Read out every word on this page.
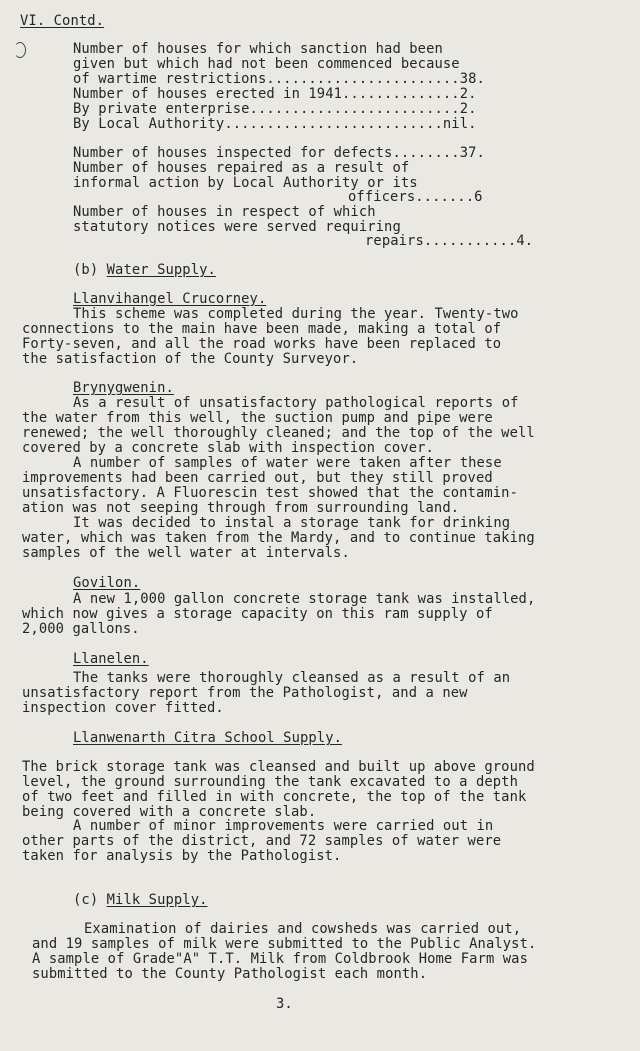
VI. Contd.
Number of houses for which sanction had been
given but which had not been commenced because
of wartime restrictions.......................38.
Number of houses erected in 1941..............2.
By private enterprise.........................2.
By Local Authority..........................nil.
Number of houses inspected for defects........37.
Number of houses repaired as a result of
informal action by Local Authority or its
officers.......6
Number of houses in respect of which
statutory notices were served requiring
repairs...........4.
(b) Water Supply.
Llanvihangel Crucorney.
This scheme was completed during the year. Twenty-two
connections to the main have been made, making a total of
Forty-seven, and all the road works have been replaced to
the satisfaction of the County Surveyor.
Brynygwenin.
As a result of unsatisfactory pathological reports of
the water from this well, the suction pump and pipe were
renewed; the well thoroughly cleaned; and the top of the well
covered by a concrete slab with inspection cover.
A number of samples of water were taken after these
improvements had been carried out, but they still proved
unsatisfactory. A Fluorescin test showed that the contamin-
ation was not seeping through from surrounding land.
It was decided to instal a storage tank for drinking
water, which was taken from the Mardy, and to continue taking
samples of the well water at intervals.
Govilon.
A new 1,000 gallon concrete storage tank was installed,
which now gives a storage capacity on this ram supply of
2,000 gallons.
Llanelen.
The tanks were thoroughly cleansed as a result of an
unsatisfactory report from the Pathologist, and a new
inspection cover fitted.
Llanwenarth Citra School Supply.
The brick storage tank was cleansed and built up above ground
level, the ground surrounding the tank excavated to a depth
of two feet and filled in with concrete, the top of the tank
being covered with a concrete slab.
A number of minor improvements were carried out in
other parts of the district, and 72 samples of water were
taken for analysis by the Pathologist.
(c) Milk Supply.
Examination of dairies and cowsheds was carried out,
and 19 samples of milk were submitted to the Public Analyst.
A sample of Grade"A" T.T. Milk from Coldbrook Home Farm was
submitted to the County Pathologist each month.
3.
